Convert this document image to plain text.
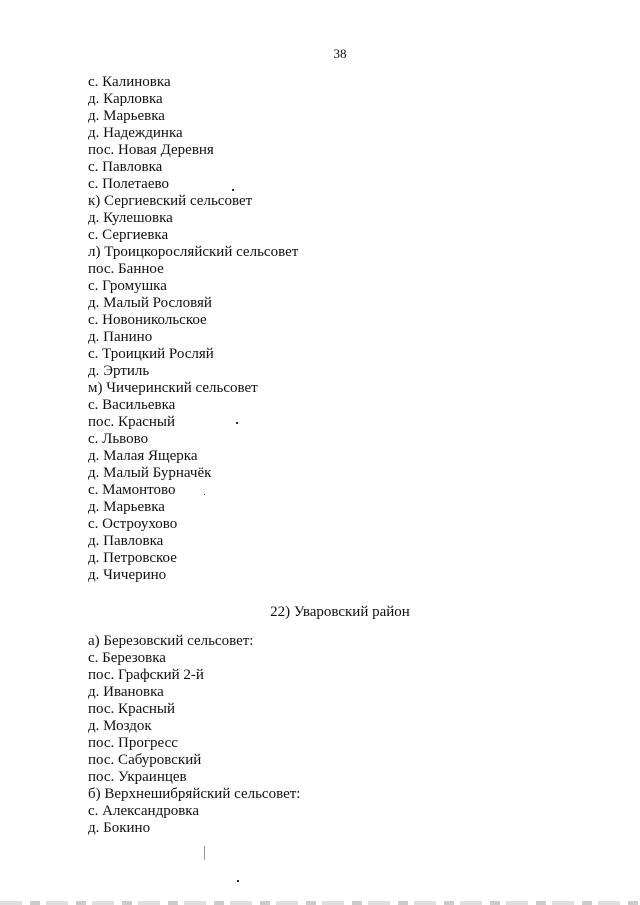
38
с. Калиновка
д. Карловка
д. Марьевка
д. Надеждинка
пос. Новая Деревня
с. Павловка
с. Полетаево
к) Сергиевский сельсовет
д. Кулешовка
с. Сергиевка
л) Троицкоросляйский сельсовет
пос. Банное
с. Громушка
д. Малый Рословяй
с. Новоникольское
д. Панино
с. Троицкий Росляй
д. Эртиль
м) Чичеринский сельсовет
с. Васильевка
пос. Красный
с. Львово
д. Малая Ящерка
д. Малый Бурначёк
с. Мамонтово
д. Марьевка
с. Остроухово
д. Павловка
д. Петровское
д. Чичерино
22) Уваровский район
а) Березовский сельсовет:
с. Березовка
пос. Графский 2-й
д. Ивановка
пос. Красный
д. Моздок
пос. Прогресс
пос. Сабуровский
пос. Украинцев
б) Верхнешибряйский сельсовет:
с. Александровка
д. Бокино
